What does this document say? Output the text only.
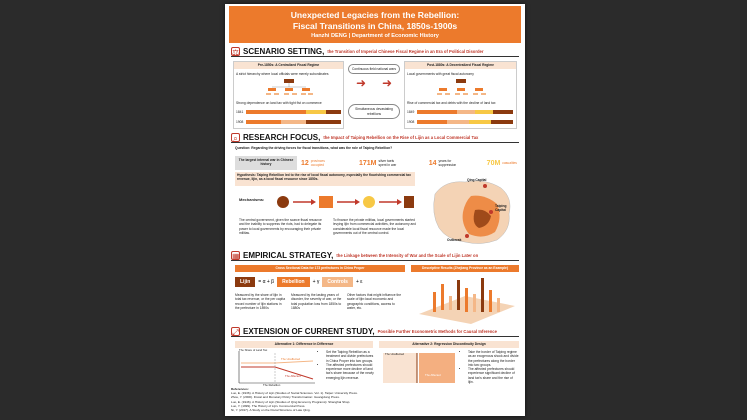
Unexpected Legacies from the Rebellion:
Fiscal Transitions in China, 1850s-1900s
Hanzhi DENG | Department of Economic History
⚖ SCENARIO SETTING, the Transition of Imperial Chinese Fiscal Regime in an Era of Political Disorder
Pre-1850s: A Centralized Fiscal Regime
A strict hierarchy where local officials were merely subordinates
Strong dependence on land tax with tight fist on commerce
1841
1908
Continuous field national wars
➜ ➜
Simultaneous devastating rebellions
Post-1880s: A Decentralized Fiscal Regime
Local governments with great fiscal autonomy
Rise of commercial tax and debts with the decline of land tax
1849
1908
⌕ RESEARCH FOCUS, the Impact of Taiping Rebellion on the Rise of Lijin as a Local Commercial Tax
Question: Regarding the driving forces for fiscal transitions, what was the role of Taiping Rebellion?
The largest internal war in Chinese history	12 provinces occupied	171M silver taels spent in war	14 years for suppression	70M casualties
Hypothesis: Taiping Rebellion led to the rise of local fiscal autonomy, especially the flourishing commercial tax revenue, lijin, as a local fiscal resource since 1850s.
Mechanisms:
The central government, given the scarce fiscal resource and the inability to suppress the riots, had to delegate its power to local governments by encouraging their private militias.
To finance the private militias, local governments started levying lijin from commercial activities, the autonomy and considerable local fiscal resource made the local governments out of the central control.
Qing Capital
Taiping Capital
Outbreak
▦ EMPIRICAL STRATEGY, the Linkage between the Intensity of War and the Scale of Lijin Later on
Cross Sectional Data for 173 prefectures in China Proper
Lijin	= α + β	Rebellion	+ γ	Controls	+ ε
Measured by the share of lijin in total tax revenue, or the per capita record number of lijin stations in the prefecture in 1890s
Measured by the lasting years of disorder, the severity of war, or the total population loss from 1850s to 1880s
Other factors that might influence the scale of lijin:local economic and geographic conditions, access to water, etc.
Descriptive Results (Zhejiang Province as an Example)
⤢ EXTENSION OF CURRENT STUDY, Possible Further Econometric Methods for Causal Inference
Alternative 1: Difference in Difference
The Share of Land Tax
The Unaffected
The Affected
The Rebellion
• Set the Taiping Rebellion as a treatment and divide prefectures in China Proper into two groups.
• The affected prefectures should experience more decline of land tax's share because of the newly emerging lijin revenue.
Alternative 2: Regression Discontinuity Design
The Unaffected
The Affected
• Take the border of Taiping regime as an exogenous shock and divide the prefectures along the border into two groups.
• The affected prefectures should experience significant decline of land tax's share and the rise of lijin.
References:
Luo, E. (1936). A History of Lijin (Studies of Social Sciences. Vol. 1). Taipei: University Press.
Zhou, Y. (2000). Fiscal and Monetary Policy Transformation: Guangdong Press.
Luo, E. (1946). A History of Lijin (Studies of Qing Economy Programs): Shanghai Shop.
Luo, Y. (1999). The History of Lijin. Commercial Press.
Ni, Y. (2017). A Study on the Fiscal Structure of Late Qing.
